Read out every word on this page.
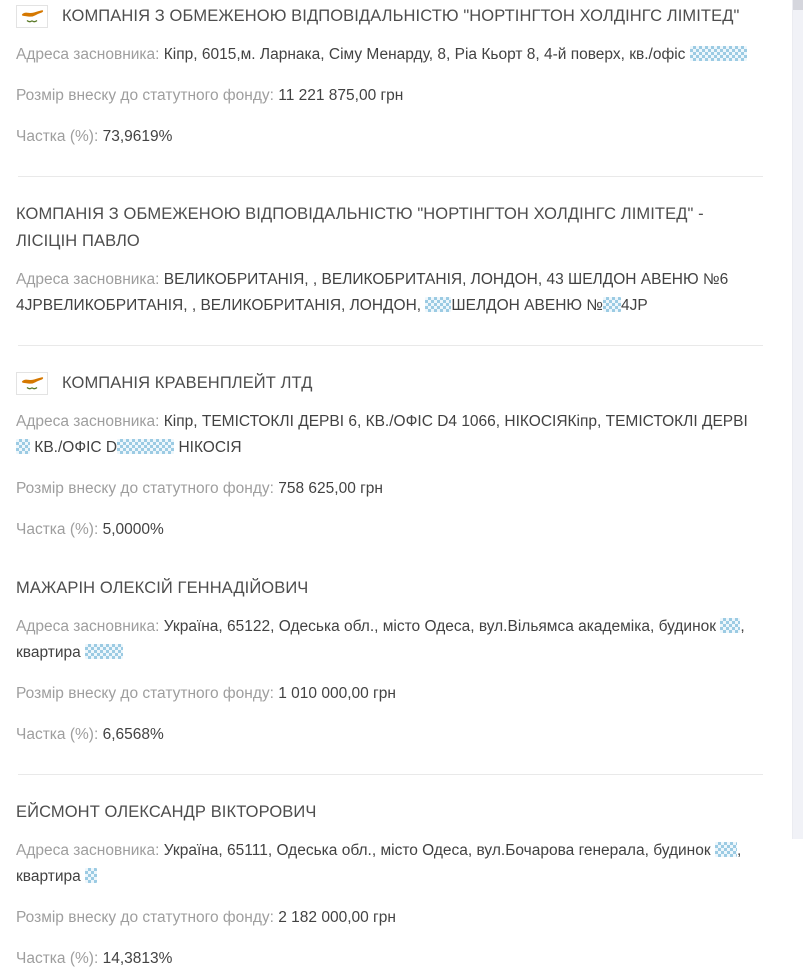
КОМПАНІЯ З ОБМЕЖЕНОЮ ВІДПОВІДАЛЬНІСТЮ "НОРТІНГТОН ХОЛДІНГС ЛІМІТЕД"
Адреса засновника: Кіпр, 6015,м. Ларнака, Сіму Менарду, 8, Ріа Кьорт 8, 4-й поверх, кв./офіс
Розмір внеску до статутного фонду: 11 221 875,00 грн
Частка (%): 73,9619%
КОМПАНІЯ З ОБМЕЖЕНОЮ ВІДПОВІДАЛЬНІСТЮ "НОРТІНГТОН ХОЛДІНГС ЛІМІТЕД" - ЛІСІЦІН ПАВЛО
Адреса засновника: ВЕЛИКОБРИТАНІЯ, , ВЕЛИКОБРИТАНІЯ, ЛОНДОН, 43 ШЕЛДОН АВЕНЮ №6 4JPВЕЛИКОБРИТАНІЯ, , ВЕЛИКОБРИТАНІЯ, ЛОНДОН, ШЕЛДОН АВЕНЮ № 4JP
КОМПАНІЯ КРАВЕНПЛЕЙТ ЛТД
Адреса засновника: Кіпр, ТЕМІСТОКЛІ ДЕРВІ 6, КВ./ОФІС D4 1066, НІКОСІЯКіпр, ТЕМІСТОКЛІ ДЕРВІ  КВ./ОФІС D	НІКОСІЯ
Розмір внеску до статутного фонду: 758 625,00 грн
Частка (%): 5,0000%
МАЖАРІН ОЛЕКСІЙ ГЕННАДІЙОВИЧ
Адреса засновника: Україна, 65122, Одеська обл., місто Одеса, вул.Вільямса академіка, будинок , квартира
Розмір внеску до статутного фонду: 1 010 000,00 грн
Частка (%): 6,6568%
ЕЙСМОНТ ОЛЕКСАНДР ВІКТОРОВИЧ
Адреса засновника: Україна, 65111, Одеська обл., місто Одеса, вул.Бочарова генерала, будинок , квартира
Розмір внеску до статутного фонду: 2 182 000,00 грн
Частка (%): 14,3813%
